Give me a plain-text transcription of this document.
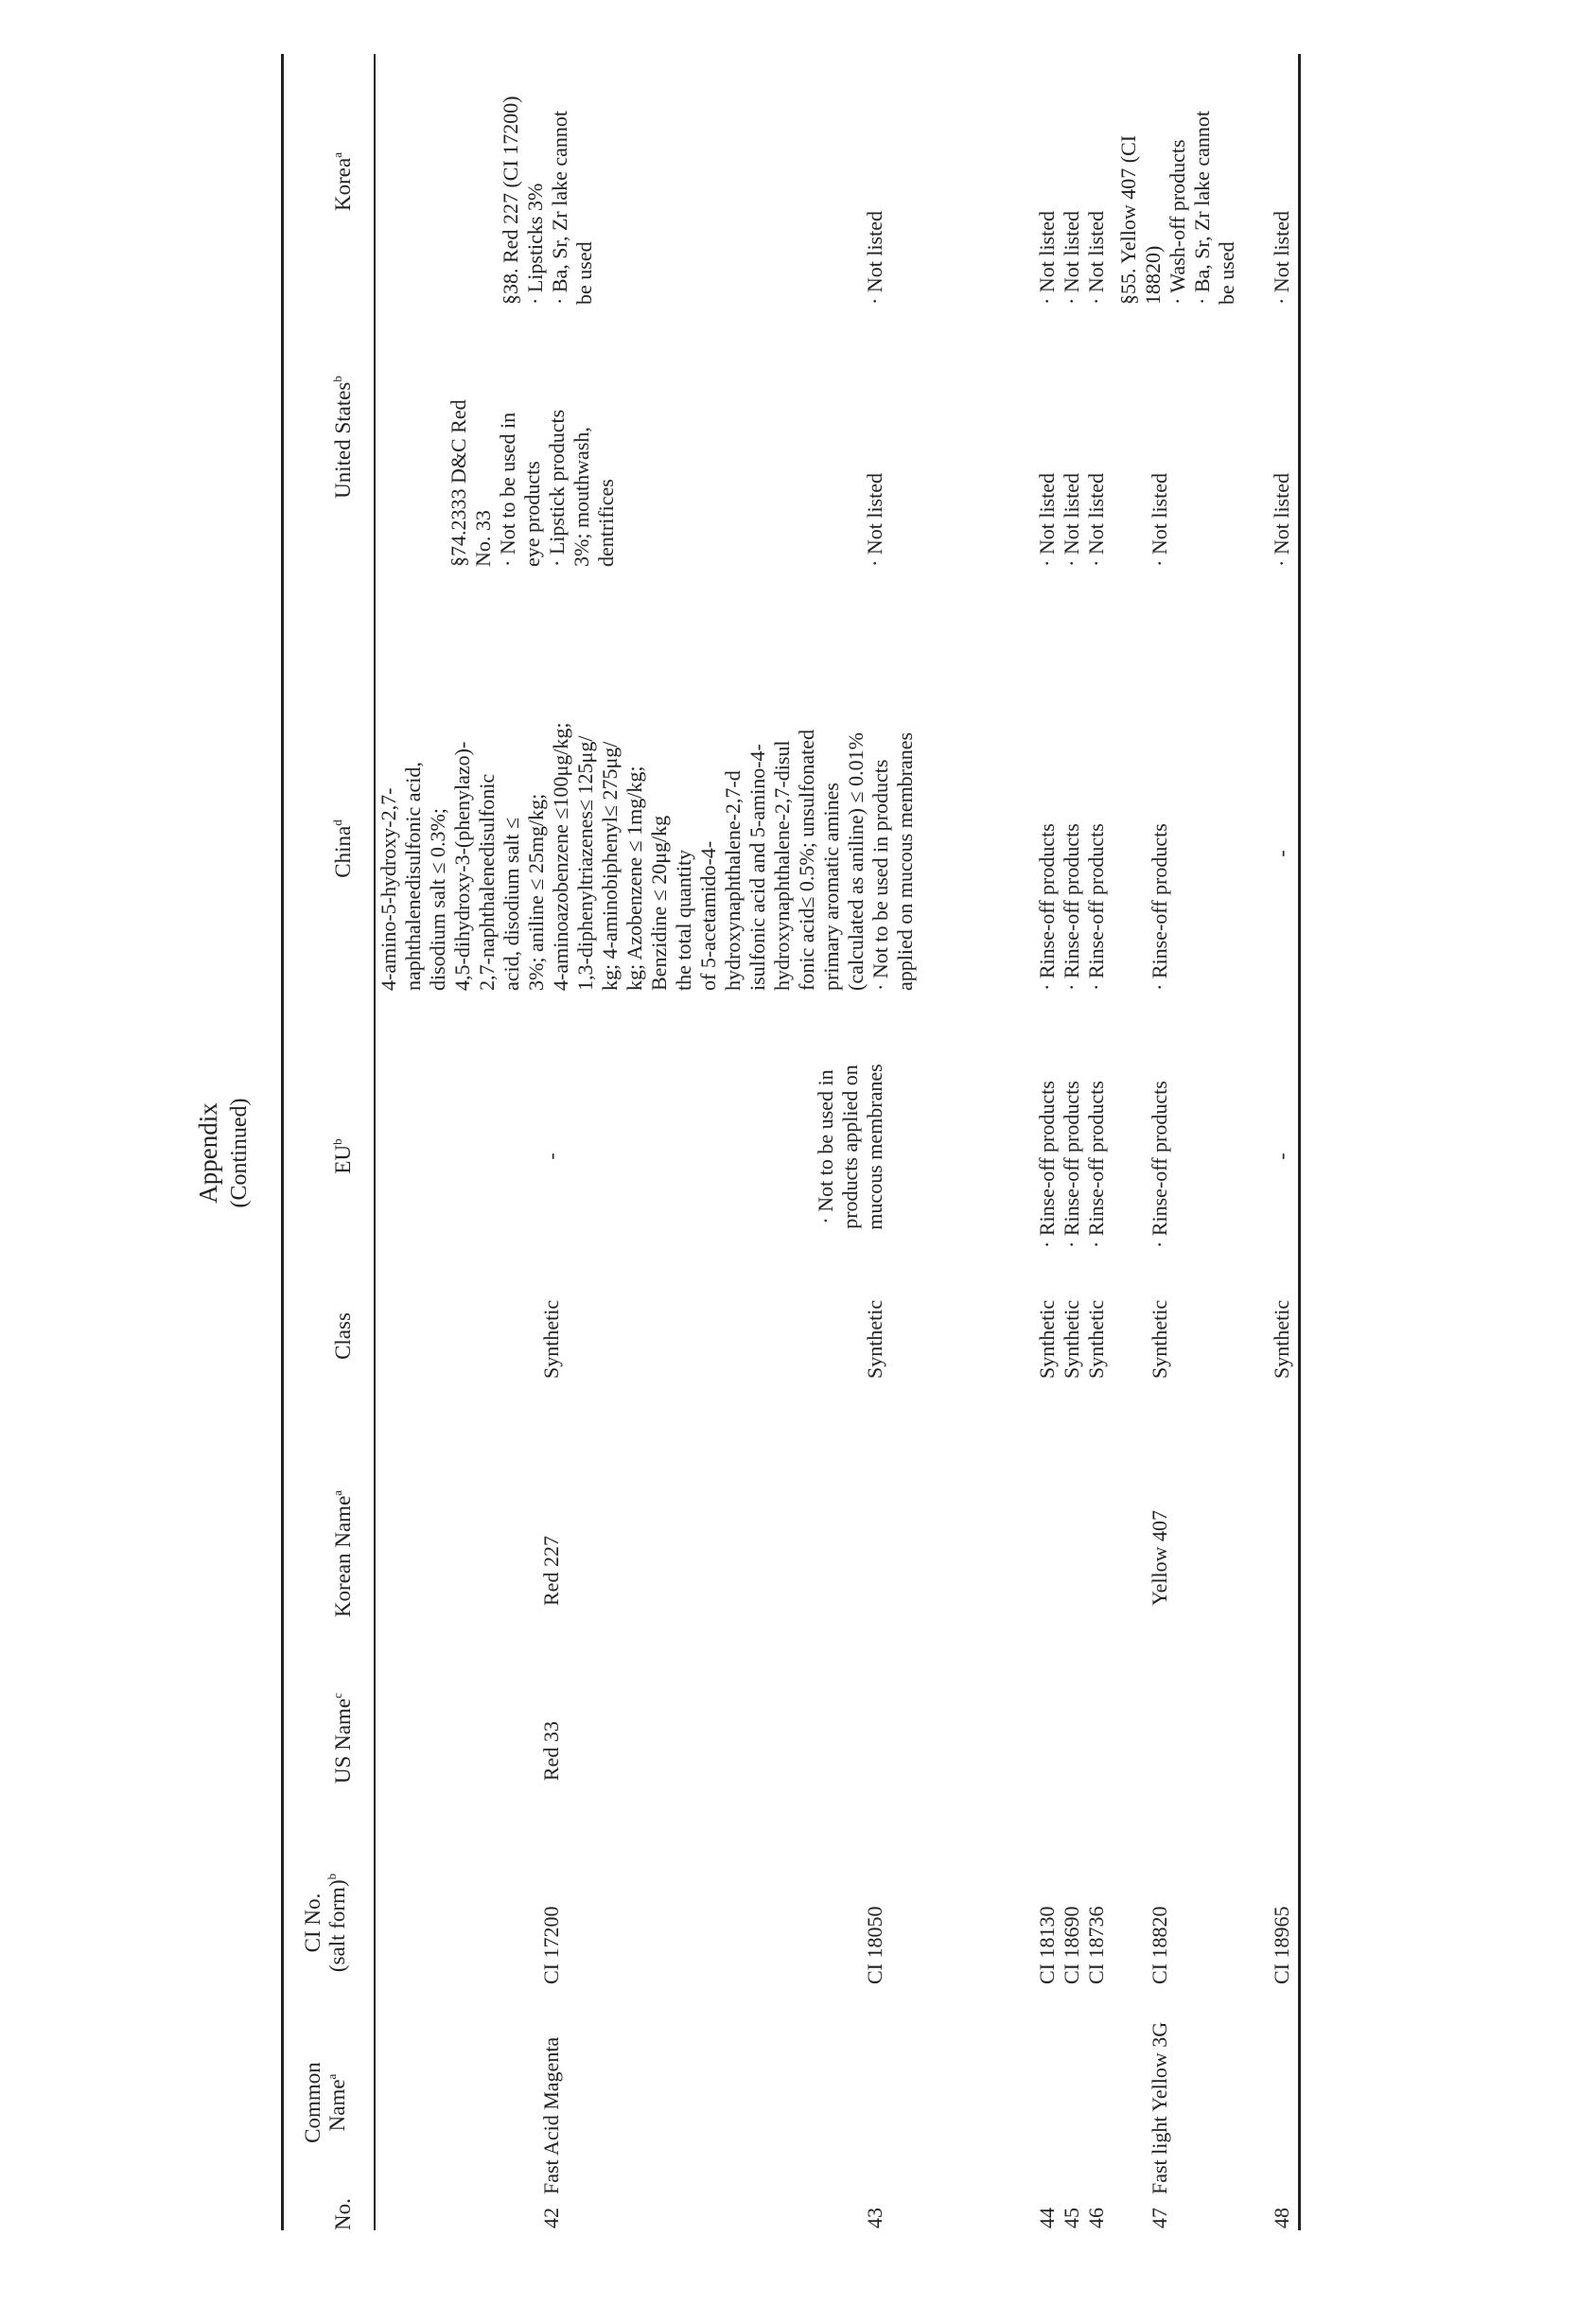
Appendix (Continued)
No.
Common Name$^a$
CI No. (salt form)$^b$
US Name$^c$
Korean Name$^a$
Class
$EU^b$
China$^d$
United States$^b$
Korea$^a$
42
Fast Acid Magenta
CI 17200
Red 33
Red 227
Synthetic
-
4-amino-5-hydroxy-2,7- naphthalenedisulfonic acid, disodium salt ≤ 0.3%; 4,5-dihydroxy-3-(phenylazo)- 2,7-naphthalenedisulfonic acid, disodium salt ≤ 3%; aniline ≤ 25mg/kg; 4-aminoazobenzene ≤100μg/kg; 1,3-diphenyltriazenes≤ 125μg/ kg; 4-aminobiphenyl≤ 275μg/ kg; Azobenzene ≤ 1mg/kg; Benzidine ≤ 20μg/kg the total quantity of 5-acetamido-4- hydroxynaphthalene-2,7-d isulfonic acid and 5-amino-4- hydroxynaphthalene-2,7-disul fonic acid≤ 0.5%; unsulfonated primary aromatic amines (calculated as aniline) ≤ 0.01% · Not to be used in products applied on mucous membranes
§74.2333 D&C Red No. 33 · Not to be used in eye products · Lipstick products 3%; mouthwash, dentrifices
§38. Red 227 (CI 17200) · Lipsticks 3% · Ba, Sr, Zr lake cannot be used
43
CI 18050
Synthetic
· Not to be used in products applied on mucous membranes
· Not listed
· Not listed
44
CI 18130
Synthetic
· Rinse-off products
· Rinse-off products
· Not listed
· Not listed
45
CI 18690
Synthetic
· Rinse-off products
· Rinse-off products
· Not listed
· Not listed
46
CI 18736
Synthetic
· Rinse-off products
· Rinse-off products
· Not listed
· Not listed
47
Fast light Yellow 3G
CI 18820
Yellow 407
Synthetic
· Rinse-off products
· Rinse-off products
· Not listed
§55. Yellow 407 (CI 18820) · Wash-off products · Ba, Sr, Zr lake cannot be used
48
CI 18965
Synthetic
-
-
· Not listed
· Not listed
